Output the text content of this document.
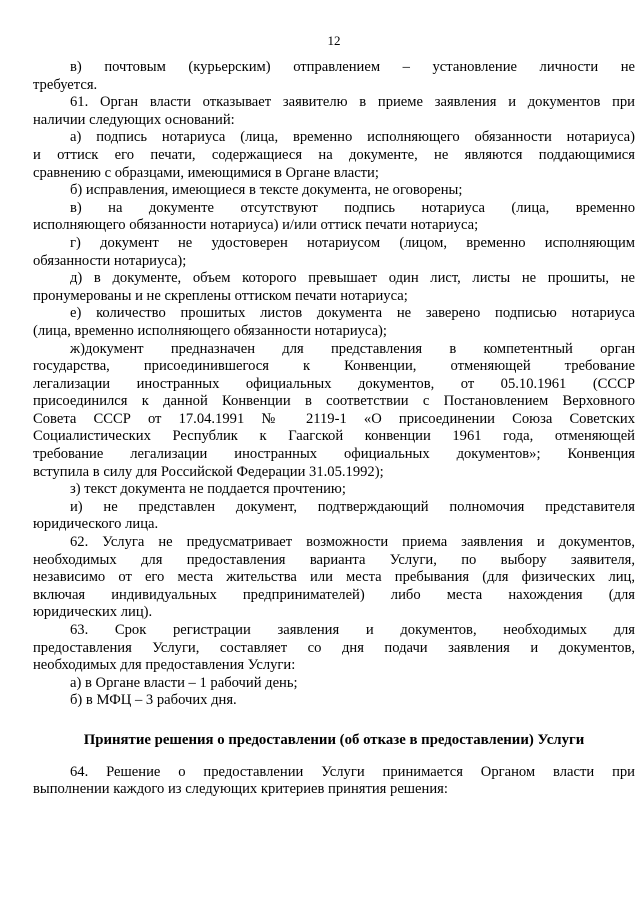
12
в) почтовым (курьерским) отправлением – установление личности не
требуется.
61. Орган власти отказывает заявителю в приеме заявления и документов при
наличии следующих оснований:
а) подпись нотариуса (лица, временно исполняющего обязанности нотариуса)
и оттиск его печати, содержащиеся на документе, не являются поддающимися
сравнению с образцами, имеющимися в Органе власти;
б) исправления, имеющиеся в тексте документа, не оговорены;
в) на документе отсутствуют подпись нотариуса (лица, временно
исполняющего обязанности нотариуса) и/или оттиск печати нотариуса;
г) документ не удостоверен нотариусом (лицом, временно исполняющим
обязанности нотариуса);
д) в документе, объем которого превышает один лист, листы не прошиты, не
пронумерованы и не скреплены оттиском печати нотариуса;
е) количество прошитых листов документа не заверено подписью нотариуса
(лица, временно исполняющего обязанности нотариуса);
ж)документ предназначен для представления в компетентный орган
государства, присоединившегося к Конвенции, отменяющей требование
легализации иностранных официальных документов, от 05.10.1961 (СССР
присоединился к данной Конвенции в соответствии с Постановлением Верховного
Совета СССР от 17.04.1991 № 2119-1 «О присоединении Союза Советских
Социалистических Республик к Гаагской конвенции 1961 года, отменяющей
требование легализации иностранных официальных документов»; Конвенция
вступила в силу для Российской Федерации 31.05.1992);
з) текст документа не поддается прочтению;
и) не представлен документ, подтверждающий полномочия представителя
юридического лица.
62. Услуга не предусматривает возможности приема заявления и документов,
необходимых для предоставления варианта Услуги, по выбору заявителя,
независимо от его места жительства или места пребывания (для физических лиц,
включая индивидуальных предпринимателей) либо места нахождения (для
юридических лиц).
63. Срок регистрации заявления и документов, необходимых для
предоставления Услуги, составляет со дня подачи заявления и документов,
необходимых для предоставления Услуги:
а) в Органе власти – 1 рабочий день;
б) в МФЦ – 3 рабочих дня.
Принятие решения о предоставлении (об отказе в предоставлении) Услуги
64. Решение о предоставлении Услуги принимается Органом власти при
выполнении каждого из следующих критериев принятия решения:
